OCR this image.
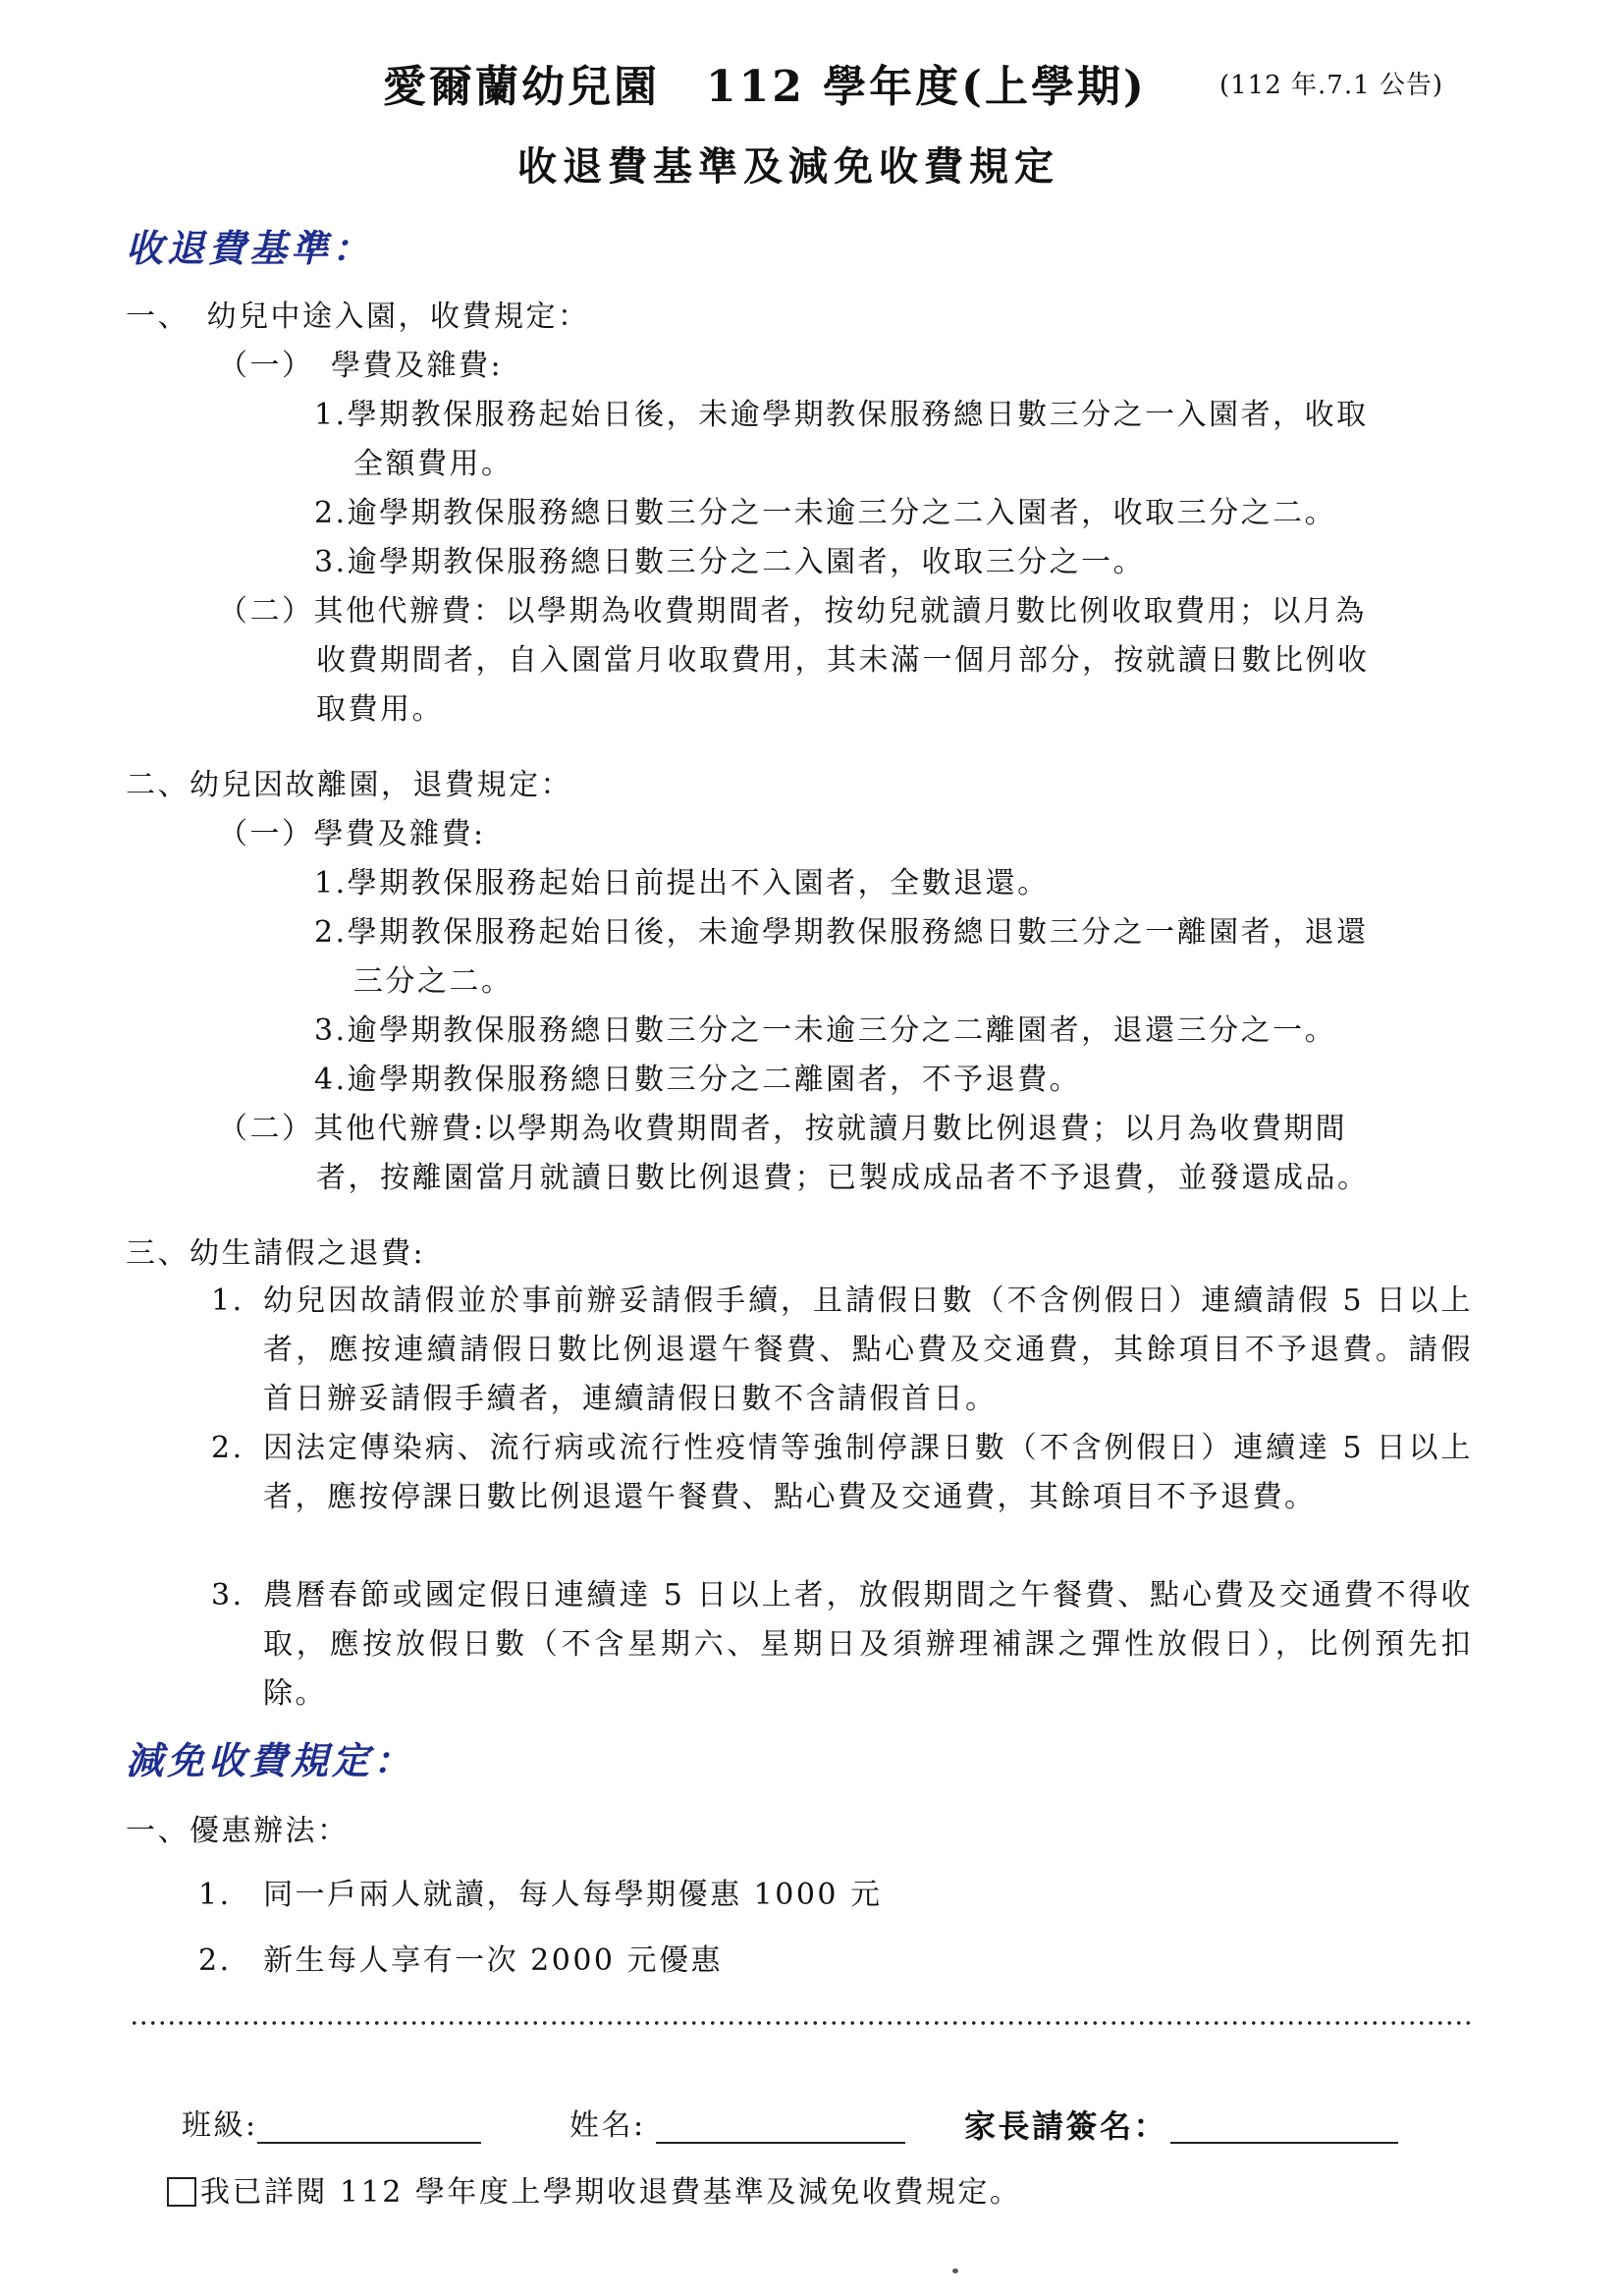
愛爾蘭幼兒園　112 學年度(上學期)	(112 年.7.1 公告)
收退費基準及減免收費規定
收退費基準：
一、　幼兒中途入園，收費規定：
（一）　學費及雜費:
1.學期教保服務起始日後，未逾學期教保服務總日數三分之一入園者，收取
全額費用。
2.逾學期教保服務總日數三分之一未逾三分之二入園者，收取三分之二。
3.逾學期教保服務總日數三分之二入園者，收取三分之一。
（二）其他代辦費：以學期為收費期間者，按幼兒就讀月數比例收取費用；以月為
收費期間者，自入園當月收取費用，其未滿一個月部分，按就讀日數比例收
取費用。
二、幼兒因故離園，退費規定：
（一）學費及雜費:
1.學期教保服務起始日前提出不入園者，全數退還。
2.學期教保服務起始日後，未逾學期教保服務總日數三分之一離園者，退還
三分之二。
3.逾學期教保服務總日數三分之一未逾三分之二離園者，退還三分之一。
4.逾學期教保服務總日數三分之二離園者，不予退費。
（二）其他代辦費:以學期為收費期間者，按就讀月數比例退費；以月為收費期間
者，按離園當月就讀日數比例退費；已製成成品者不予退費，並發還成品。
三、幼生請假之退費:
1. 幼兒因故請假並於事前辦妥請假手續，且請假日數（不含例假日）連續請假 5 日以上者，應按連續請假日數比例退還午餐費、點心費及交通費，其餘項目不予退費。請假首日辦妥請假手續者，連續請假日數不含請假首日。
2. 因法定傳染病、流行病或流行性疫情等強制停課日數（不含例假日）連續達 5 日以上者，應按停課日數比例退還午餐費、點心費及交通費，其餘項目不予退費。
3. 農曆春節或國定假日連續達 5 日以上者，放假期間之午餐費、點心費及交通費不得收取，應按放假日數（不含星期六、星期日及須辦理補課之彈性放假日），比例預先扣除。
減免收費規定：
一、優惠辦法：
1.　同一戶兩人就讀，每人每學期優惠 1000 元
2.　新生每人享有一次 2000 元優惠
班級:	姓名:	家長請簽名：
我已詳閱 112 學年度上學期收退費基準及減免收費規定。
